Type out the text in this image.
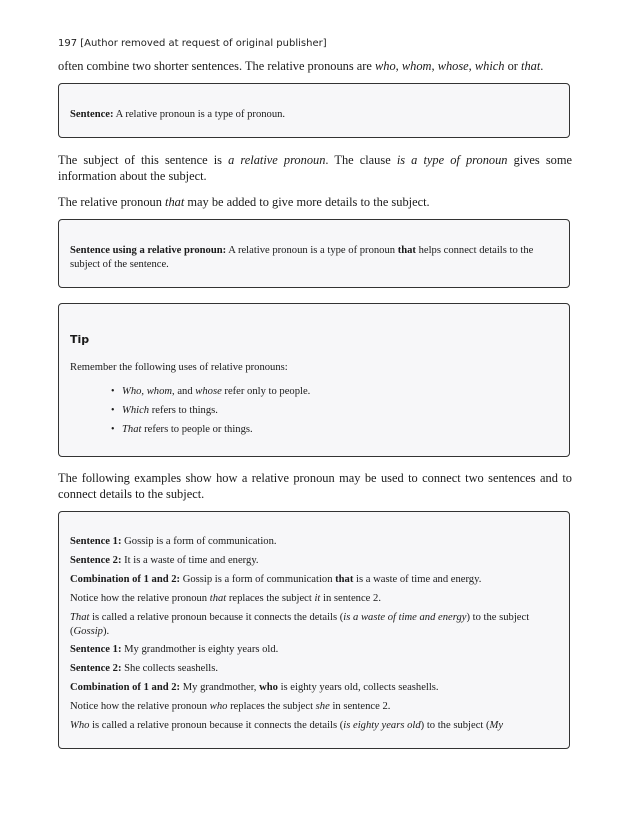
197 [Author removed at request of original publisher]
often combine two shorter sentences. The relative pronouns are who, whom, whose, which or that.
Sentence: A relative pronoun is a type of pronoun.
The subject of this sentence is a relative pronoun. The clause is a type of pronoun gives some information about the subject.
The relative pronoun that may be added to give more details to the subject.
Sentence using a relative pronoun: A relative pronoun is a type of pronoun that helps connect details to the subject of the sentence.
Tip
Remember the following uses of relative pronouns:
• Who, whom, and whose refer only to people.
• Which refers to things.
• That refers to people or things.
The following examples show how a relative pronoun may be used to connect two sentences and to connect details to the subject.
Sentence 1: Gossip is a form of communication.
Sentence 2: It is a waste of time and energy.
Combination of 1 and 2: Gossip is a form of communication that is a waste of time and energy.
Notice how the relative pronoun that replaces the subject it in sentence 2.
That is called a relative pronoun because it connects the details (is a waste of time and energy) to the subject (Gossip).
Sentence 1: My grandmother is eighty years old.
Sentence 2: She collects seashells.
Combination of 1 and 2: My grandmother, who is eighty years old, collects seashells.
Notice how the relative pronoun who replaces the subject she in sentence 2.
Who is called a relative pronoun because it connects the details (is eighty years old) to the subject (My
